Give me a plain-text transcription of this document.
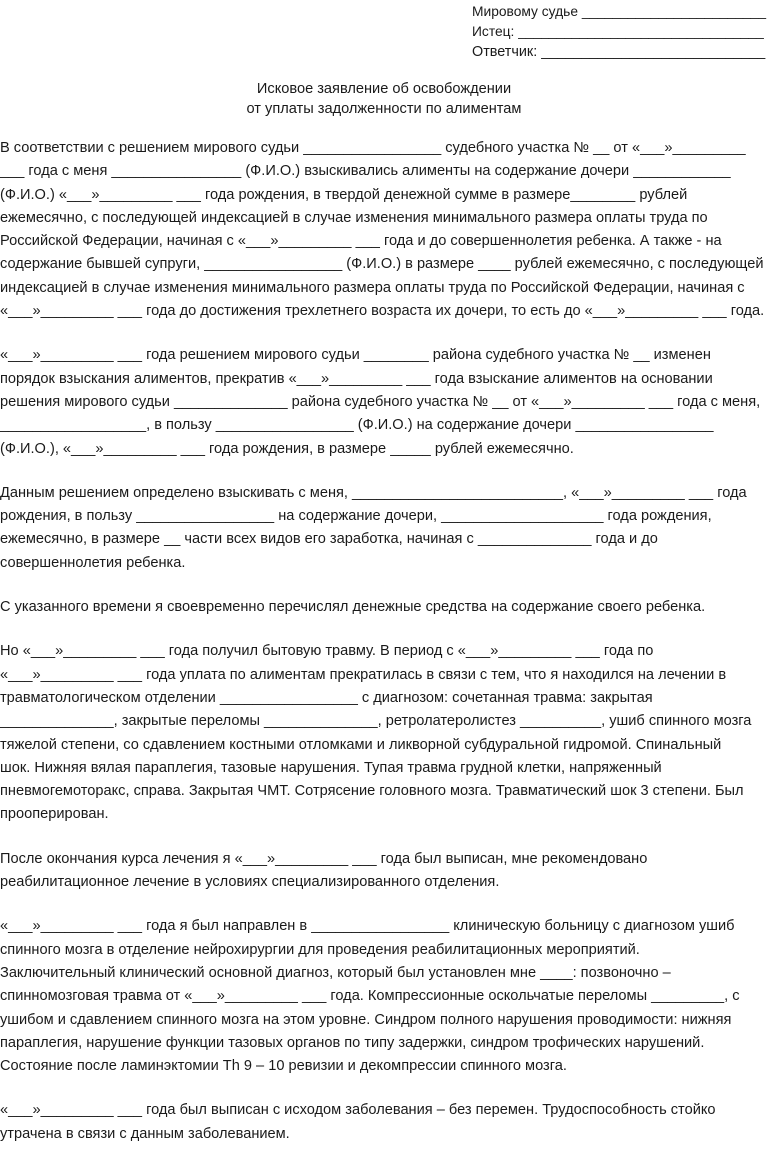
Мировому судье ________________________
Истец: ________________________________
Ответчик: ____________________________
Исковое заявление об освобождении
от уплаты задолженности по алиментам
В соответствии с решением мирового судьи _________________ судебного участка № __ от «___»_________
___ года с меня ________________ (Ф.И.О.) взыскивались алименты на содержание дочери ____________
(Ф.И.О.) «___»_________ ___ года рождения, в твердой денежной сумме в размере________ рублей
ежемесячно, с последующей индексацией в случае изменения минимального размера оплаты труда по
Российской Федерации, начиная с «___»_________ ___ года и до совершеннолетия ребенка. А также - на
содержание бывшей супруги, _________________ (Ф.И.О.) в размере ____ рублей ежемесячно, с последующей
индексацией в случае изменения минимального размера оплаты труда по Российской Федерации, начиная с
«___»_________ ___ года до достижения трехлетнего возраста их дочери, то есть до «___»_________ ___ года.
«___»_________ ___ года решением мирового судьи ________ района судебного участка № __ изменен
порядок взыскания алиментов, прекратив «___»_________ ___ года взыскание алиментов на основании
решения мирового судьи ______________ района судебного участка № __ от «___»_________ ___ года с меня,
__________________, в пользу _________________ (Ф.И.О.) на содержание дочери _________________
(Ф.И.О.), «___»_________ ___ года рождения, в размере _____ рублей ежемесячно.
Данным решением определено взыскивать с меня, __________________________, «___»_________ ___ года
рождения, в пользу _________________ на содержание дочери, ____________________ года рождения,
ежемесячно, в размере __ части всех видов его заработка, начиная с ______________ года и до
совершеннолетия ребенка.
С указанного времени я своевременно перечислял денежные средства на содержание своего ребенка.
Но «___»_________ ___ года получил бытовую травму. В период с «___»_________ ___ года по
«___»_________ ___ года уплата по алиментам прекратилась в связи с тем, что я находился на лечении в
травматологическом отделении _________________ с диагнозом: сочетанная травма: закрытая
______________, закрытые переломы ______________, ретролатеролистез __________, ушиб спинного мозга
тяжелой степени, со сдавлением костными отломками и ликворной субдуральной гидромой. Спинальный
шок. Нижняя вялая параплегия, тазовые нарушения. Тупая травма грудной клетки, напряженный
пневмогемоторакс, справа. Закрытая ЧМТ. Сотрясение головного мозга. Травматический шок 3 степени. Был
прооперирован.
После окончания курса лечения я «___»_________ ___ года был выписан, мне рекомендовано
реабилитационное лечение в условиях специализированного отделения.
«___»_________ ___ года я был направлен в _________________ клиническую больницу с диагнозом ушиб
спинного мозга в отделение нейрохирургии для проведения реабилитационных мероприятий.
Заключительный клинический основной диагноз, который был установлен мне ____: позвоночно –
спинномозговая травма от «___»_________ ___ года. Компрессионные оскольчатые переломы _________, с
ушибом и сдавлением спинного мозга на этом уровне. Синдром полного нарушения проводимости: нижняя
параплегия, нарушение функции тазовых органов по типу задержки, синдром трофических нарушений.
Состояние после ламинэктомии Th 9 – 10 ревизии и декомпрессии спинного мозга.
«___»_________ ___ года был выписан с исходом заболевания – без перемен. Трудоспособность стойко
утрачена в связи с данным заболеванием.
